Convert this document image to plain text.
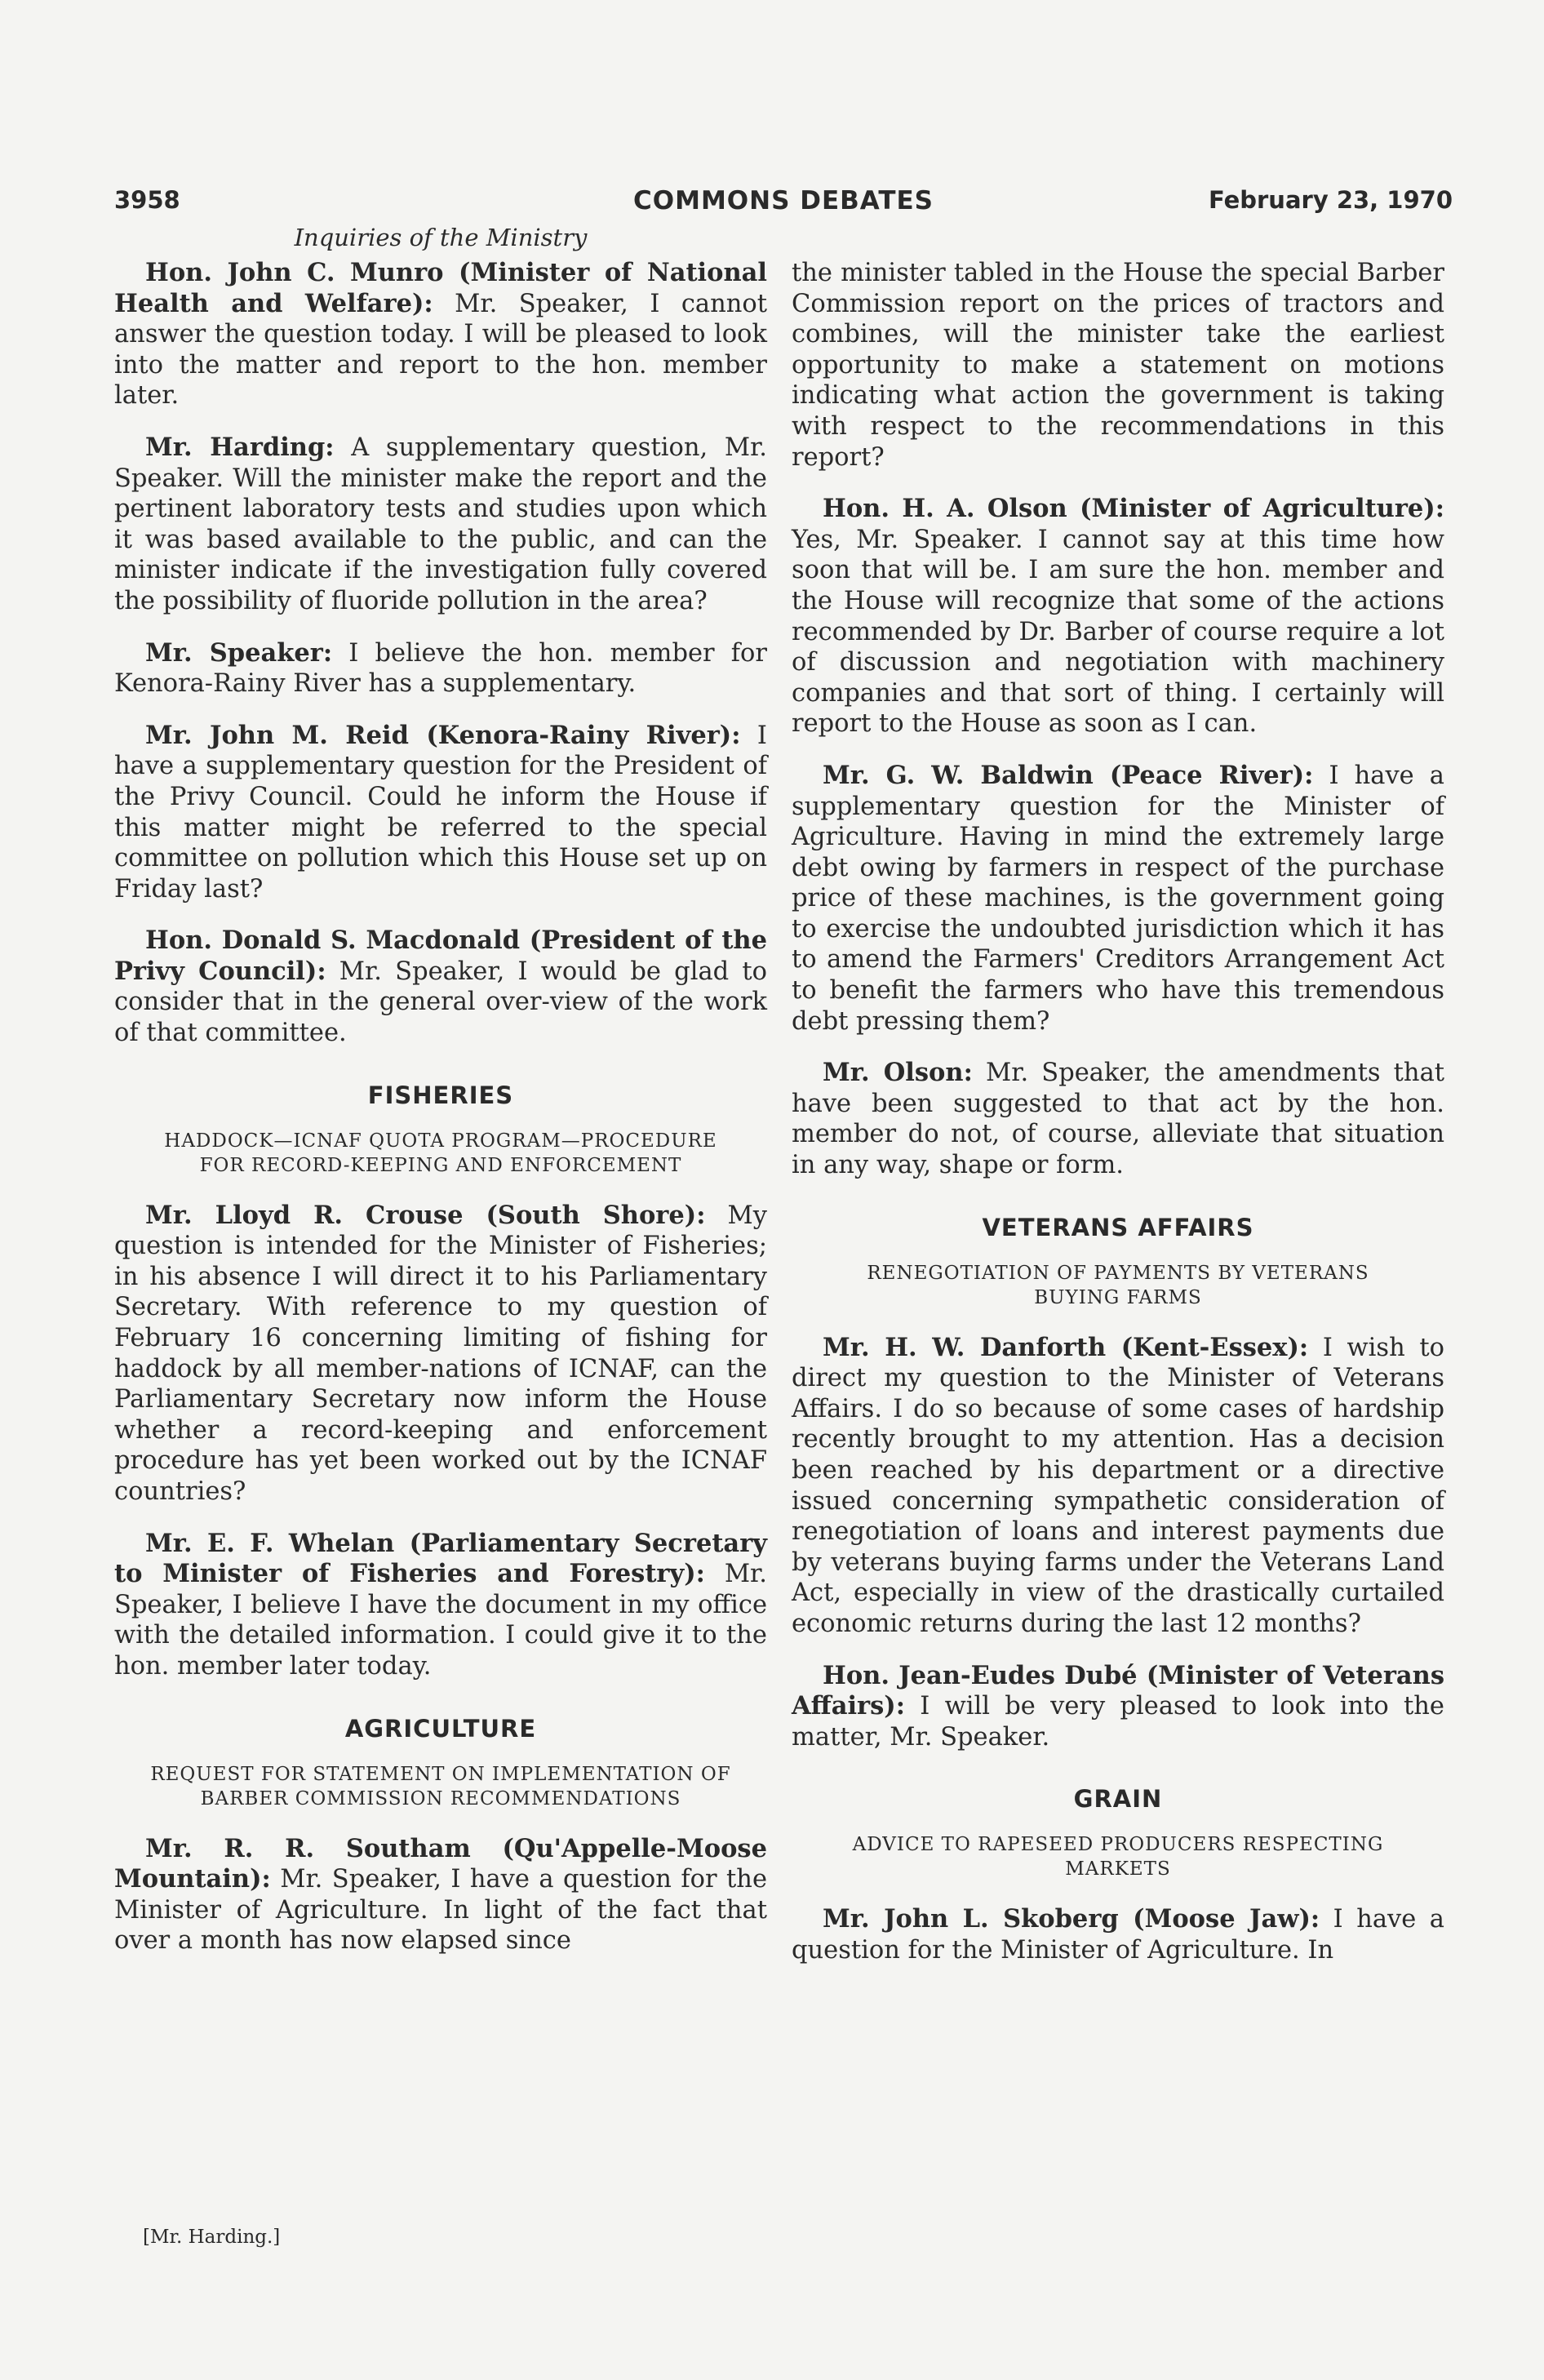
3958	COMMONS DEBATES	February 23, 1970
Inquiries of the Ministry

Hon. John C. Munro (Minister of National Health and Welfare): Mr. Speaker, I cannot answer the question today. I will be pleased to look into the matter and report to the hon. member later.

Mr. Harding: A supplementary question, Mr. Speaker. Will the minister make the report and the pertinent laboratory tests and studies upon which it was based available to the public, and can the minister indicate if the investigation fully covered the possibility of fluoride pollution in the area?

Mr. Speaker: I believe the hon. member for Kenora-Rainy River has a supplementary.

Mr. John M. Reid (Kenora-Rainy River): I have a supplementary question for the President of the Privy Council. Could he inform the House if this matter might be referred to the special committee on pollution which this House set up on Friday last?

Hon. Donald S. Macdonald (President of the Privy Council): Mr. Speaker, I would be glad to consider that in the general over-view of the work of that committee.

FISHERIES
HADDOCK—ICNAF QUOTA PROGRAM—PROCEDURE FOR RECORD-KEEPING AND ENFORCEMENT

Mr. Lloyd R. Crouse (South Shore): My question is intended for the Minister of Fisheries; in his absence I will direct it to his Parliamentary Secretary. With reference to my question of February 16 concerning limiting of fishing for haddock by all member-nations of ICNAF, can the Parliamentary Secretary now inform the House whether a record-keeping and enforcement procedure has yet been worked out by the ICNAF countries?

Mr. E. F. Whelan (Parliamentary Secretary to Minister of Fisheries and Forestry): Mr. Speaker, I believe I have the document in my office with the detailed information. I could give it to the hon. member later today.

AGRICULTURE
REQUEST FOR STATEMENT ON IMPLEMENTATION OF BARBER COMMISSION RECOMMENDATIONS

Mr. R. R. Southam (Qu'Appelle-Moose Mountain): Mr. Speaker, I have a question for the Minister of Agriculture. In light of the fact that over a month has now elapsed since

the minister tabled in the House the special Barber Commission report on the prices of tractors and combines, will the minister take the earliest opportunity to make a statement on motions indicating what action the government is taking with respect to the recommendations in this report?

Hon. H. A. Olson (Minister of Agriculture): Yes, Mr. Speaker. I cannot say at this time how soon that will be. I am sure the hon. member and the House will recognize that some of the actions recommended by Dr. Barber of course require a lot of discussion and negotiation with machinery companies and that sort of thing. I certainly will report to the House as soon as I can.

Mr. G. W. Baldwin (Peace River): I have a supplementary question for the Minister of Agriculture. Having in mind the extremely large debt owing by farmers in respect of the purchase price of these machines, is the government going to exercise the undoubted jurisdiction which it has to amend the Farmers' Creditors Arrangement Act to benefit the farmers who have this tremendous debt pressing them?

Mr. Olson: Mr. Speaker, the amendments that have been suggested to that act by the hon. member do not, of course, alleviate that situation in any way, shape or form.

VETERANS AFFAIRS
RENEGOTIATION OF PAYMENTS BY VETERANS BUYING FARMS

Mr. H. W. Danforth (Kent-Essex): I wish to direct my question to the Minister of Veterans Affairs. I do so because of some cases of hardship recently brought to my attention. Has a decision been reached by his department or a directive issued concerning sympathetic consideration of renegotiation of loans and interest payments due by veterans buying farms under the Veterans Land Act, especially in view of the drastically curtailed economic returns during the last 12 months?

Hon. Jean-Eudes Dubé (Minister of Veterans Affairs): I will be very pleased to look into the matter, Mr. Speaker.

GRAIN
ADVICE TO RAPESEED PRODUCERS RESPECTING MARKETS

Mr. John L. Skoberg (Moose Jaw): I have a question for the Minister of Agriculture. In

[Mr. Harding.]
